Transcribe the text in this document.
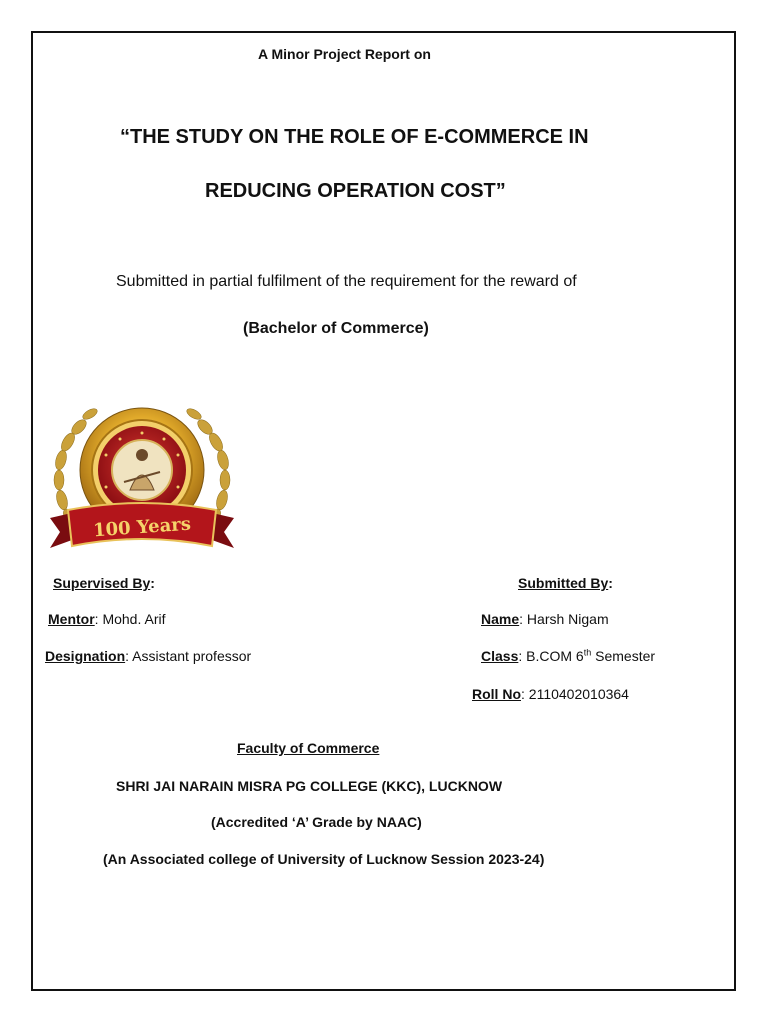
A Minor Project Report on
“THE STUDY ON THE ROLE OF E-COMMERCE IN
REDUCING OPERATION COST”
Submitted in partial fulfilment of the requirement for the reward of
(Bachelor of Commerce)
100 Years
Supervised By:	Submitted By:
Mentor: Mohd. Arif	Name: Harsh Nigam
Designation: Assistant professor	Class: B.COM 6th Semester
Roll No: 2110402010364
Faculty of Commerce
SHRI JAI NARAIN MISRA PG COLLEGE (KKC), LUCKNOW
(Accredited ‘A’ Grade by NAAC)
(An Associated college of University of Lucknow Session 2023-24)
